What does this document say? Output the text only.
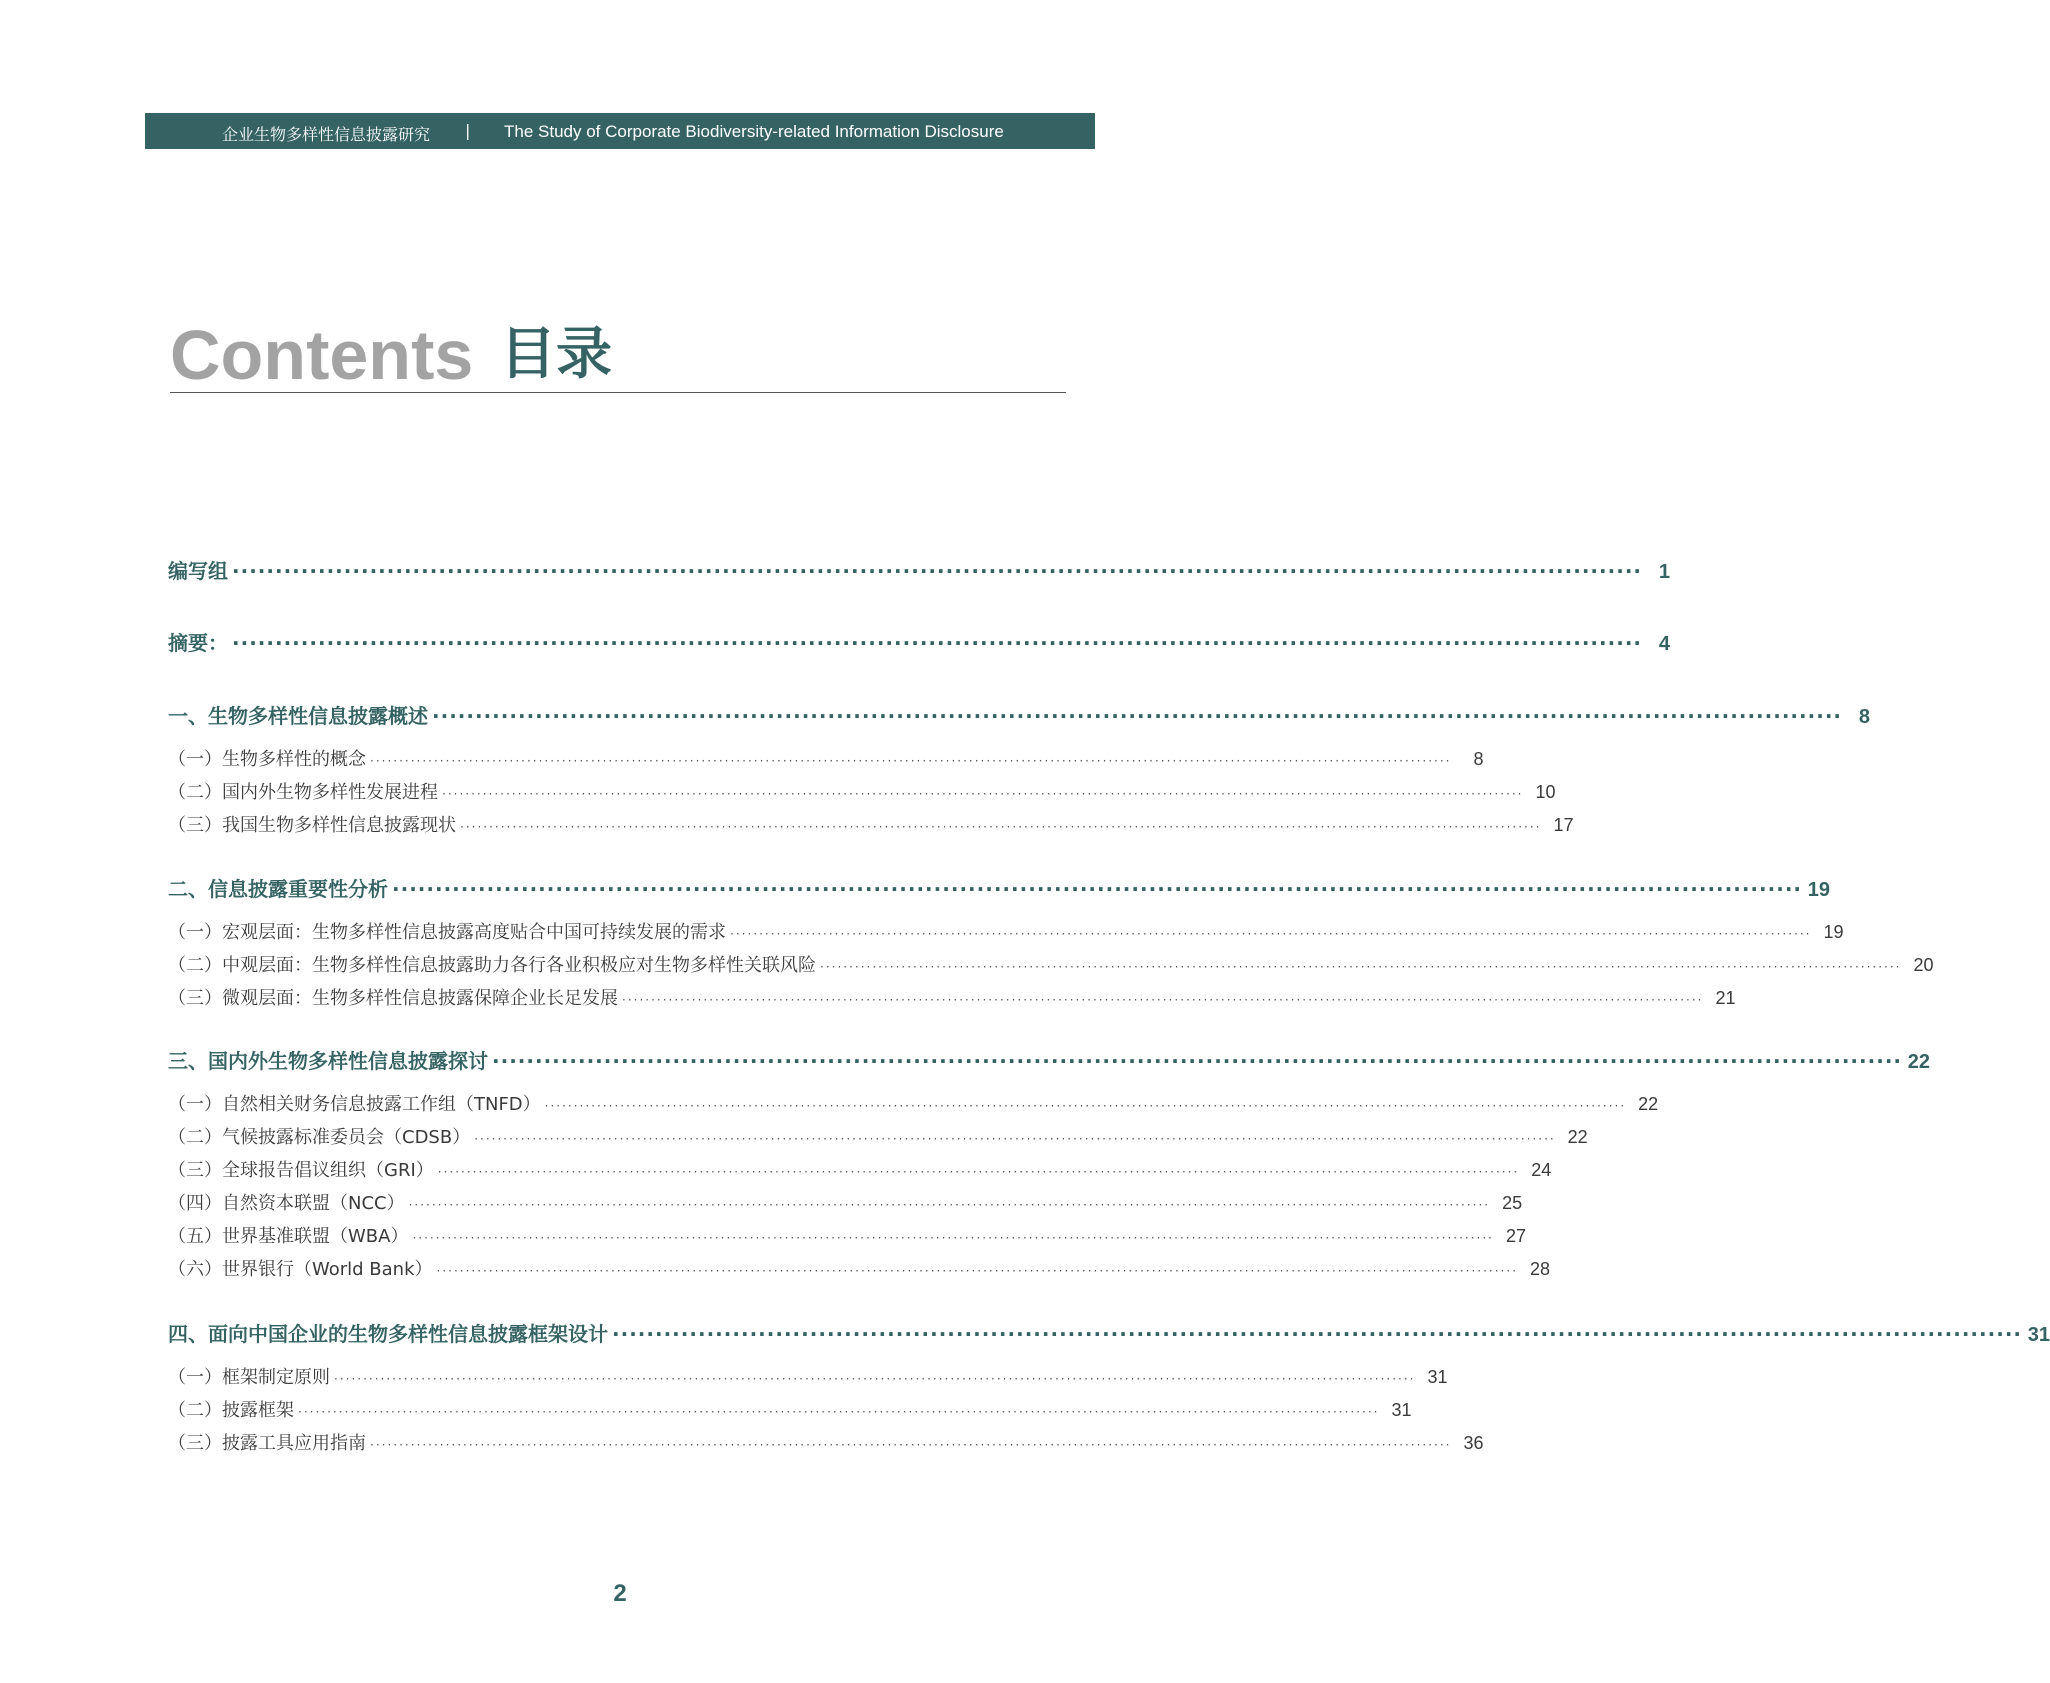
企业生物多样性信息披露研究 | The Study of Corporate Biodiversity-related Information Disclosure
Contents 目录
编写组 ···································································································································································· 1
摘要： ···································································································································································· 4
一、生物多样性信息披露概述 ···································································································································································· 8
（一）生物多样性的概念 ··························································································································································································	8
（二）国内外生物多样性发展进程 ·························································································································································································· 10
（三）我国生物多样性信息披露现状 ·························································································································································································· 17
二、信息披露重要性分析 ···································································································································································· 19
（一）宏观层面：生物多样性信息披露高度贴合中国可持续发展的需求 ·························································································································································································· 19
（二）中观层面：生物多样性信息披露助力各行各业积极应对生物多样性关联风险 ·························································································································································································· 20
（三）微观层面：生物多样性信息披露保障企业长足发展 ·························································································································································································· 21
三、国内外生物多样性信息披露探讨 ···································································································································································· 22
（一）自然相关财务信息披露工作组（TNFD） ·························································································································································································· 22
（二）气候披露标准委员会（CDSB） ·························································································································································································· 22
（三）全球报告倡议组织（GRI） ·························································································································································································· 24
（四）自然资本联盟（NCC） ·························································································································································································· 25
（五）世界基准联盟（WBA） ·························································································································································································· 27
（六）世界银行（World Bank） ·························································································································································································· 28
四、面向中国企业的生物多样性信息披露框架设计 ···································································································································································· 31
（一）框架制定原则 ·························································································································································································· 31
（二）披露框架 ·························································································································································································· 31
（三）披露工具应用指南 ·························································································································································································· 36
2
